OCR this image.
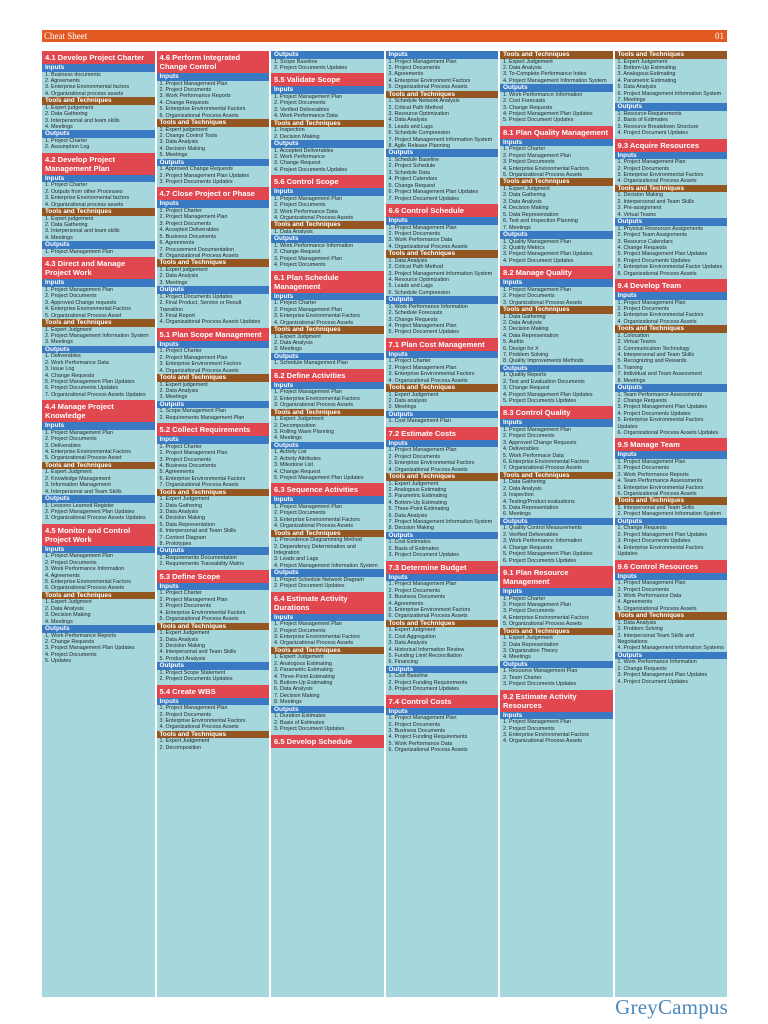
Cheat Sheet	01
4.1 Develop Project Charter
Inputs
1. Business documents
2. Agreements
3. Enterprise Environmental factors
4. Organizational process assets
Tools and Techniques
1. Expert judgement
2. Data Gathering
3. Interpersonal and team skills
4. Meetings
Outputs
1. Project Charter
2. Assumption Log
4.2 Develop Project Management Plan
Inputs
1. Project Charter
2. Outputs from other Processes
3. Enterprise Environmental factors
4. Organizational process assets
Tools and Techniques
1. Expert judgement
2. Data Gathering
3. Interpersonal and team skills
4. Meetings
Outputs
1. Project Management Plan
4.3 Direct and Manage Project Work
Inputs
1. Project Management Plan
2. Project Documents
3. Approved Change requests
4. Enterprise Environmental Factors
5. Organizational Process Asset
Tools and Techniques
1. Expert Judgment
2. Project Management Information System
3. Meetings
Outputs
1. Deliverables
2. Work Performance Data
3. Issue Log
4. Change Requests
5. Project Management Plan Updates
6. Project Documents Updates
7. Organizational Process Assets Updates
4.4 Manage Project Knowledge
Inputs
1. Project Management Plan
2. Project Documents
3. Deliverables
4. Enterprise Environmental Factors
5. Organizational Process Asset
Tools and Techniques
1. Expert Judgment
2. Knowledge Management
3. Information Management
4. Interpersonal and Team Skills
Outputs
1. Lessons Learned Register
2. Project Management Plan Updates
3. Organizational Process Assets Updates
4.5 Monitor and Control Project Work
Inputs
1. Project Management Plan
2. Project Documents
3. Work Performance Information
4. Agreements
5. Enterprise Environmental Factors
6. Organizational Process Assets
Tools and Techniques
1. Expert Judgment
2. Data Analysis
3. Decision Making
4. Meetings
Outputs
1. Work Performance Reports
2. Change Requests
3. Project Management Plan Updates
4. Project Documents
5. Updates
4.6 Perform Integrated Change Control
Inputs
1. Project Management Plan
2. Project Documents
3. Work Performance Reports
4. Change Requests
5. Enterprise Environmental Factors
6. Organizational Process Assets
Tools and Techniques
1. Expert judgement
2. Change Control Tools
3. Data Analysis
4. Decision Making
5. Meetings
Outputs
1. Approved Change Requests
2. Project Management Plan Updates
3. Project Documents Updates
4.7 Close Project or Phase
Inputs
1. Project Charter
2. Project Management Plan
3. Project Documents
4. Accepted Deliverables
5. Business Documents
6. Agreements
7. Procurement Documentation
8. Organizational Process Assets
Tools and Techniques
1. Expert judgement
2. Data Analysis
3. Meetings
Outputs
1. Project Documents Updates
2. Final Product, Service or Result Transition
3. Final Report
4. Organizational Process Assets Updates
5.1 Plan Scope Management
Inputs
1. Project Charter
2. Project Management Plan
3. Enterprise Environment Factors
4. Organizational Process Assets
Tools and Techniques
1. Expert judgement
2. Data Analysis
3. Meetings
Outputs
1. Scope Management Plan
2. Requirements Management Plan
5.2 Collect Requirements
Inputs
1. Project Charter
2. Project Management Plan
3. Project Documents
4. Business Documents
5. Agreements
6. Enterprise Environmental Factors
7. Organizational Process Assets
Tools and Techniques
1. Expert Judgement
2. Data Gathering
3. Data Analysis
4. Decision Making
5. Data Representation
6. Interpersonal and Team Skills
7. Context Diagram
8. Prototypes
Outputs
1. Requirements Documentation
2. Requirements Traceability Matrix
5.3 Define Scope
Inputs
1. Project Charter
2. Project Management Plan
3. Project Documents
4. Enterprise Environmental Factors
5. Organizational Process Assets
Tools and Techniques
1. Expert Judgement
2. Data Analysis
3. Decision Making
4. Interpersonal and Team Skills
5. Product Analysis
Outputs
1. Project Scope Statement
2. Project Documents Updates
5.4 Create WBS
Inputs
1. Project Management Plan
2. Project Documents
3. Enterprise Environmental Factors
4. Organizational Process Assets
Tools and Techniques
1. Expert Judgement
2. Decomposition
Outputs
1. Scope Baseline
2. Project Documents Updates
5.5 Validate Scope
Inputs
1. Project Management Plan
2. Project Documents
3. Verified Deliverables
4. Work Performance Data
Tools and Techniques
1. Inspection
2. Decision Making
Outputs
1. Accepted Deliverables
2. Work Performance
3. Change Request
4. Project Documents Updates
5.6 Control Scope
Inputs
1. Project Management Plan
2. Project Documents
3. Work Performance Data
4. Organizational Process Assets
Tools and Techniques
1. Data Analysis
Outputs
1. Work Performance Information
2. Change Request
3. Project Management Plan
4. Project Documents
6.1 Plan Schedule Management
Inputs
1. Project Charter
2. Project Management Plan
3. Enterprise Environmental Factors
4. Organizational Process Assets
Tools and Techniques
1. Expert Judgment
2. Data Analysis
3. Meetings
Outputs
1. Schedule Management Plan
6.2 Define Activities
Inputs
1. Project Management Plan
2. Enterprise Environmental Factors
3. Organizational Process Assets
Tools and Techniques
1. Expert Judgement
2. Decomposition
3. Rolling Wave Planning
4. Meetings
Outputs
1. Activity List
2. Activity Attributes
3. Milestone List
4. Change Request
5. Project Management Plan Updates
6.3 Sequence Activities
Inputs
1. Project Management Plan
2. Project Documents
3. Enterprise Environmental Factors
4. Organizational Process Assets
Tools and Techniques
1. Precedence Diagramming Method
2. Dependency Determination and Integration
3. Leads and Lags
4. Project Management Information System
Outputs
1. Project Schedule Network Diagram
2. Project Document Updates
6.4 Estimate Activity Durations
Inputs
1. Project Management Plan
2. Project Documents
3. Enterprise Environmental Factors
4. Organizational Process Assets
Tools and Techniques
1. Expert Judgement
2. Analogous Estimating
3. Parametric Estimating
4. Three-Point Estimating
5. Bottom-Up Estimating
6. Data Analysis
7. Decision Making
8. Meetings
Outputs
1. Duration Estimates
2. Basis of Estimates
3. Project Document Updates
6.5 Develop Schedule
Inputs
1. Project Management Plan
2. Project Documents
3. Agreements
4. Enterprise Environment Factors
5. Organizational Process Assets
Tools and Techniques
1. Schedule Network Analysis
2. Critical Path Method
3. Resource Optimization
4. Data Analysis
5. Leads and Lags
6. Schedule Compression
7. Project Management Information System
8. Agile Release Planning
Outputs
1. Schedule Baseline
2. Project Schedule
3. Schedule Data
4. Project Calendars
5. Change Request
6. Project Management Plan Updates
7. Project Document Updates
6.6 Control Schedule
Inputs
1. Project Management Plan
2. Project Documents
3. Work Performance Data
4. Organizational Process Assets
Tools and Techniques
1. Data Analysis
2. Critical Path Method
3. Project Management Information System
4. Resource Optimization
5. Leads and Lags
6. Schedule Compression
Outputs
1. Work Performance Information
2. Schedule Forecasts
3. Change Requests
4. Project Management Plan
5. Project Document Updates
7.1 Plan Cost Management
Inputs
1. Project Charter
2. Project Management Plan
3. Enterprise Environmental Factors
4. Organizational Process Assets
Tools and Techniques
1. Expert Judgement
2. Data analysis
3. Meetings
Outputs
1. Cost Management Plan
7.2 Estimate Costs
Inputs
1. Project Management Plan
2. Project Documents
3. Enterprise Environmental Factors
4. Organizational Process Assets
Tools and Techniques
1. Expert Judgement
2. Analogous Estimating
3. Parametric Estimating
4. Bottom-Up Estimating
5. Three-Point Estimating
6. Data Analysis
7. Project Management Information System
8. Decision Making
Outputs
1. Cost Estimates
2. Basis of Estimates
3. Project Document Updates
7.3 Determine Budget
Inputs
1. Project Management Plan
2. Project Documents
3. Business Documents
4. Agreements
5. Enterprise Environment Factors
6. Organizational Process Assets
Tools and Techniques
1. Expert Judgment
2. Cost Aggregation
3. Data Analysis
4. Historical Information Review
5. Funding Limit Reconciliation
6. Financing
Outputs
1. Cost Baseline
2. Project Funding Requirements
3. Project Document Updates
7.4 Control Costs
Inputs
1. Project Management Plan
2. Project Documents
3. Business Documents
4. Project Funding Requirements
5. Work Performance Data
6. Organizational Process Assets
Tools and Techniques
1. Expert Judgement
2. Data Analysis
3. To-Complete Performance Index
4. Project Management Information System
Outputs
1. Work Performance Information
2. Cost Forecasts
3. Change Requests
4. Project Management Plan Updates
5. Project Document Updates
8.1 Plan Quality Management
Inputs
1. Project Charter
2. Project Management Plan
3. Project Documents
4. Enterprise Environmental Factors
5. Organizational Process Assets
Tools and Techniques
1. Expert Judgment
2. Data Gathering
3. Data Analysis
4. Decision Making
5. Data Representation
6. Test and Inspection Planning
7. Meetings
Outputs
1. Quality Management Plan
2. Quality Metrics
3. Project Management Plan Updates
4. Project Document Updates
8.2 Manage Quality
Inputs
1. Project Management Plan
2. Project Documents
3. Organizational Process Assets
Tools and Techniques
1. Data Gathering
2. Data Analysis
3. Decision Making
4. Data Representation
5. Audits
6. Design for X
7. Problem Solving
8. Quality Improvements Methods
Outputs
1. Quality Reports
2. Test and Evaluation Documents
3. Change Request
4. Project Management Plan Updates
5. Project Documents Updates
8.3 Control Quality
Inputs
1. Project Management Plan
2. Project Documents
3. Approved Change Requests
4. Deliverables
5. Work Performace Data
6. Enterprise Environmental Factors
7. Organizational Process Assets
Tools and Techniques
1. Data Gathering
2. Data Analysis
3. Inspection
4. Testing/Product evaluations
5. Data Representation
6. Meetings
Outputs
1. Quality Control Measurements
2. Verified Deliverables
3. Work Performance Information
4. Change Requests
5. Project Management Plan Updates
6. Project Documents Updates
9.1 Plan Resource Management
Inputs
1. Project Charter
2. Project Management Plan
3. Project Documents
4. Enterprise Environmental Factors
5. Organizational Process Assets
Tools and Techniques
1. Expert Judgement
2. Data Representation
3. Organization Theory
4. Meetings
Outputs
1. Resource Management Plan
2. Team Charter
3. Project Documents Updates
9.2 Estimate Activity Resources
Inputs
1. Project Management Plan
2. Project Documents
3. Enterprise Environmental Factors
4. Organizational Process Assets
Tools and Techniques
1. Expert Judgement
2. Bottom-Up Estimating
3. Analogous Estimating
4. Parametric Estimating
5. Data Analysis
6. Project Management Information System
7. Meetings
Outputs
1. Resource Requirements
2. Basis of Estimates
3. Resource Breakdown Structure
4. Project Document Updates
9.3 Acquire Resources
Inputs
1. Project Management Plan
2. Project Documents
3. Enterprise Environmental Factors
4. Organizational Process Assets
Tools and Techniques
1. Decision Making
2. Interpersonal and Team Skills
3. Pre-assignment
4. Virtual Teams
Outputs
1. Physical Resources Assignments
2. Project Team Assignments
3. Resource Calendars
4. Change Requests
5. Project Management Plan Updates
6. Project Documents Updates
7. Enterprise Environmental Factor Updates
8. Organizational Process Assets
9.4 Develop Team
Inputs
1. Project Management Plan
2. Project Documents
3. Enterprise Environmental Factors
4. Organizational Process Assets
Tools and Techniques
1. Colocation
2. Virtual Teams
3. Communication Technology
4. Interpersonal and Team Skills
5. Recognizing and Rewards
6. Training
7. Individual and Team Assessment
8. Meetings
Outputs
1. Team Performance Assessments
2. Change Requests
3. Project Management Plan Updates
4. Project Documents Updates
5. Enterprise Environmental Factors Updates
6. Organizational Process Assets Updates
9.5 Manage Team
Inputs
1. Project Management Plan
2. Project Documents
3. Work Performance Reports
4. Team Performance Assessments
5. Enterprise Environmental Factors
6. Organizational Process Assets
Tools and Techniques
1. Interpersonal and Team Skills
2. Project Management Information System
Outputs
1. Change Requests
2. Project Management Plan Updates
3. Project Documents Updates
4. Enterprise Environmental Factors Updates
9.6 Control Resources
Inputs
1. Project Management Plan
2. Project Documents
3. Work Performance Data
4. Agreements
5. Organizational Process Assets
Tools and Techniques
1. Data Analysis
2. Problem Solving
3. Interpersonal Team Skills and Negotiations
4. Project Management Information Systems
Outputs
1. Work Performance Information
2. Change Requests
3. Project Management Plan Updates
4. Project Document Updates
GreyCampus
